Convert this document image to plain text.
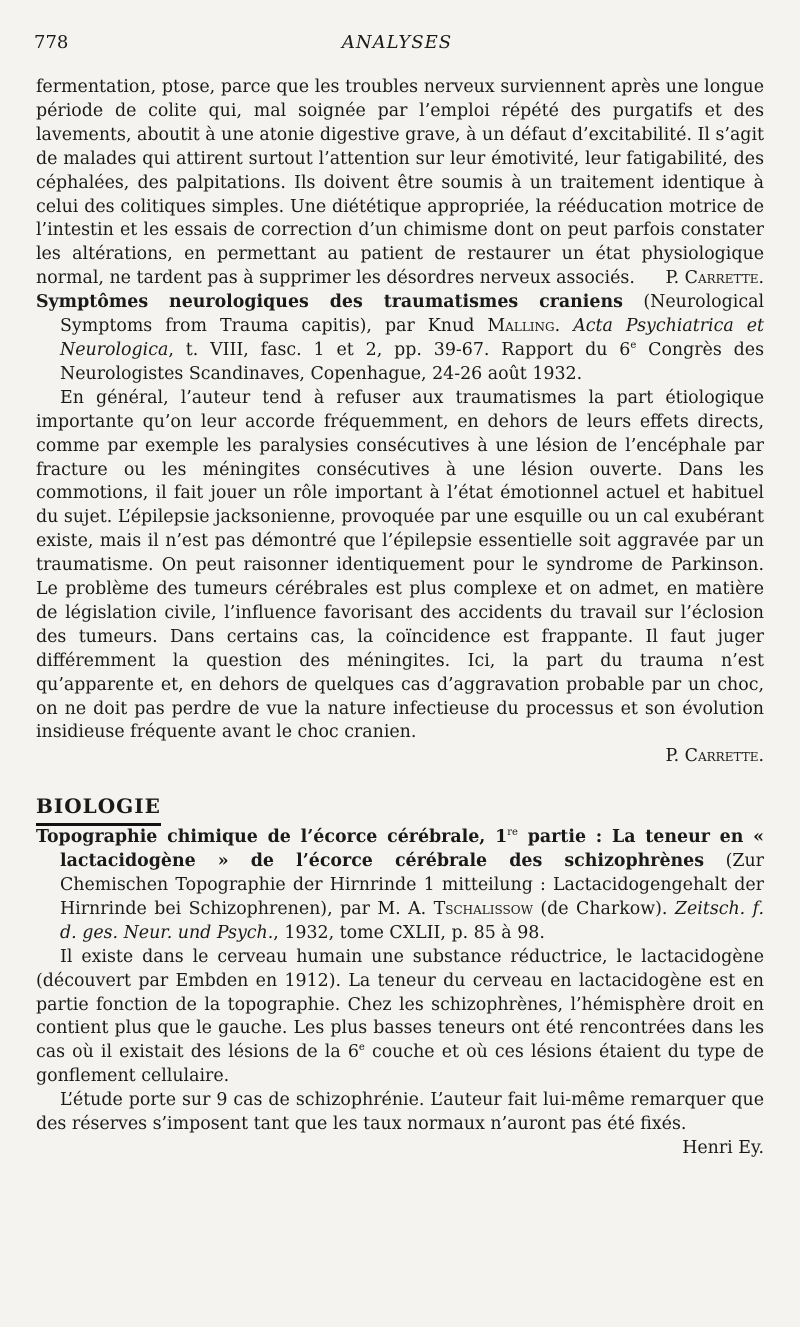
778	ANALYSES

fermentation, ptose, parce que les troubles nerveux surviennent après une longue période de colite qui, mal soignée par l’emploi répété des purgatifs et des lavements, aboutit à une atonie digestive grave, à un défaut d’excitabilité. Il s’agit de malades qui attirent surtout l’attention sur leur émotivité, leur fatigabilité, des céphalées, des palpitations. Ils doivent être soumis à un traitement identique à celui des colitiques simples. Une diététique appropriée, la rééducation motrice de l’intestin et les essais de correction d’un chimisme dont on peut parfois constater les altérations, en permettant au patient de restaurer un état physiologique normal, ne tardent pas à supprimer les désordres nerveux associés. P. Carrette.

Symptômes neurologiques des traumatismes craniens (Neurological Symptoms from Trauma capitis), par Knud Malling. Acta Psychiatrica et Neurologica, t. VIII, fasc. 1 et 2, pp. 39-67. Rapport du 6e Congrès des Neurologistes Scandinaves, Copenhague, 24-26 août 1932.

En général, l’auteur tend à refuser aux traumatismes la part étiologique importante qu’on leur accorde fréquemment, en dehors de leurs effets directs, comme par exemple les paralysies consécutives à une lésion de l’encéphale par fracture ou les méningites consécutives à une lésion ouverte. Dans les commotions, il fait jouer un rôle important à l’état émotionnel actuel et habituel du sujet. L’épilepsie jacksonienne, provoquée par une esquille ou un cal exubérant existe, mais il n’est pas démontré que l’épilepsie essentielle soit aggravée par un traumatisme. On peut raisonner identiquement pour le syndrome de Parkinson. Le problème des tumeurs cérébrales est plus complexe et on admet, en matière de législation civile, l’influence favorisant des accidents du travail sur l’éclosion des tumeurs. Dans certains cas, la coïncidence est frappante. Il faut juger différemment la question des méningites. Ici, la part du trauma n’est qu’apparente et, en dehors de quelques cas d’aggravation probable par un choc, on ne doit pas perdre de vue la nature infectieuse du processus et son évolution insidieuse fréquente avant le choc cranien.

P. Carrette.

BIOLOGIE

Topographie chimique de l’écorce cérébrale, 1re partie : La teneur en « lactacidogène » de l’écorce cérébrale des schizophrènes (Zur Chemischen Topographie der Hirnrinde 1 mitteilung : Lactacidogengehalt der Hirnrinde bei Schizophrenen), par M. A. Tschalissow (de Charkow). Zeitsch. f. d. ges. Neur. und Psych., 1932, tome CXLII, p. 85 à 98.

Il existe dans le cerveau humain une substance réductrice, le lactacidogène (découvert par Embden en 1912). La teneur du cerveau en lactacidogène est en partie fonction de la topographie. Chez les schizophrènes, l’hémisphère droit en contient plus que le gauche. Les plus basses teneurs ont été rencontrées dans les cas où il existait des lésions de la 6e couche et où ces lésions étaient du type de gonflement cellulaire.

L’étude porte sur 9 cas de schizophrénie. L’auteur fait lui-même remarquer que des réserves s’imposent tant que les taux normaux n’auront pas été fixés.

Henri Ey.
